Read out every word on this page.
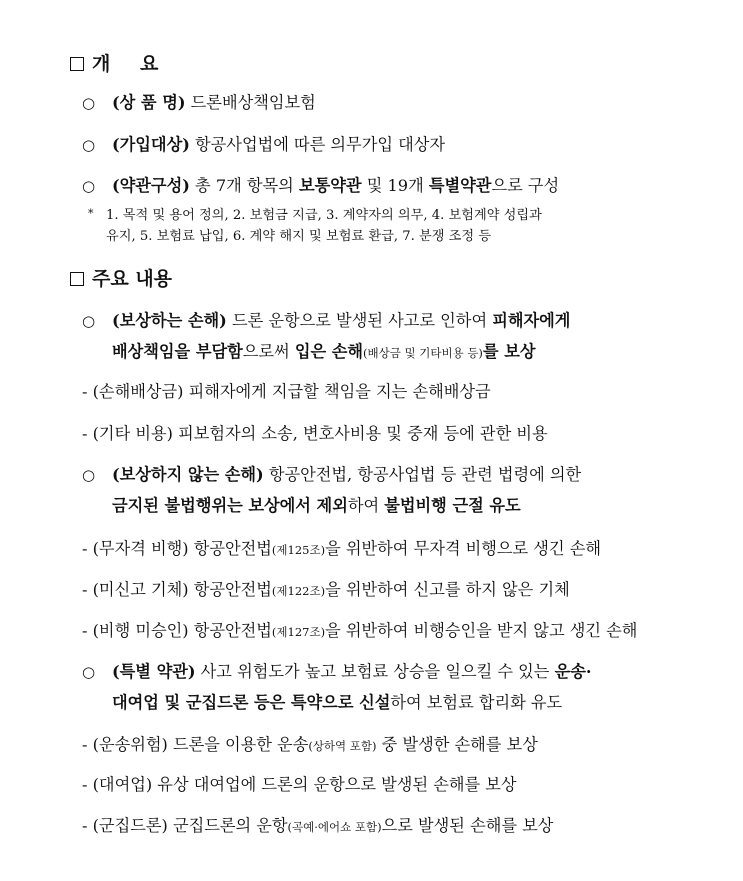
개 요
○ (상 품 명) 드론배상책임보험
○ (가입대상) 항공사업법에 따른 의무가입 대상자
○ (약관구성) 총 7개 항목의 보통약관 및 19개 특별약관으로 구성
* 1. 목적 및 용어 정의, 2. 보험금 지급, 3. 계약자의 의무, 4. 보험계약 성립과
유지, 5. 보험료 납입, 6. 계약 해지 및 보험료 환급, 7. 분쟁 조정 등
주요 내용
○ (보상하는 손해) 드론 운항으로 발생된 사고로 인하여 피해자에게
배상책임을 부담함으로써 입은 손해(배상금 및 기타비용 등)를 보상
- (손해배상금) 피해자에게 지급할 책임을 지는 손해배상금
- (기타 비용) 피보험자의 소송, 변호사비용 및 중재 등에 관한 비용
○ (보상하지 않는 손해) 항공안전법, 항공사업법 등 관련 법령에 의한
금지된 불법행위는 보상에서 제외하여 불법비행 근절 유도
- (무자격 비행) 항공안전법(제125조)을 위반하여 무자격 비행으로 생긴 손해
- (미신고 기체) 항공안전법(제122조)을 위반하여 신고를 하지 않은 기체
- (비행 미승인) 항공안전법(제127조)을 위반하여 비행승인을 받지 않고 생긴 손해
○ (특별 약관) 사고 위험도가 높고 보험료 상승을 일으킬 수 있는 운송·
대여업 및 군집드론 등은 특약으로 신설하여 보험료 합리화 유도
- (운송위험) 드론을 이용한 운송(상하역 포함) 중 발생한 손해를 보상
- (대여업) 유상 대여업에 드론의 운항으로 발생된 손해를 보상
- (군집드론) 군집드론의 운항(곡예·에어쇼 포함)으로 발생된 손해를 보상
